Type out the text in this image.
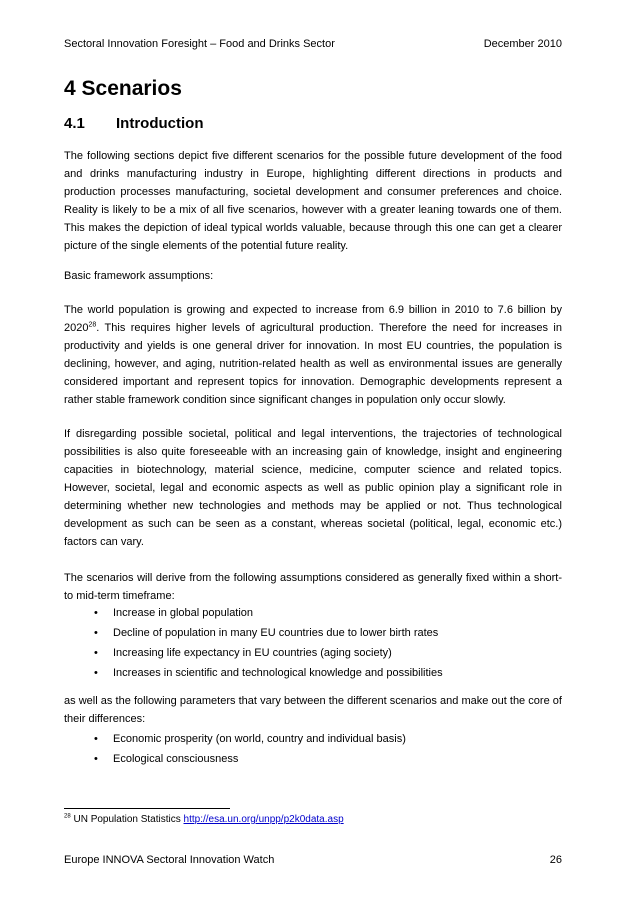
Sectoral Innovation Foresight – Food and Drinks Sector	December 2010
4 Scenarios
4.1	Introduction

The following sections depict five different scenarios for the possible future development of the food and drinks manufacturing industry in Europe, highlighting different directions in products and production processes manufacturing, societal development and consumer preferences and choice. Reality is likely to be a mix of all five scenarios, however with a greater leaning towards one of them. This makes the depiction of ideal typical worlds valuable, because through this one can get a clearer picture of the single elements of the potential future reality.

Basic framework assumptions:

The world population is growing and expected to increase from 6.9 billion in 2010 to 7.6 billion by 2020$^{28}$. This requires higher levels of agricultural production. Therefore the need for increases in productivity and yields is one general driver for innovation. In most EU countries, the population is declining, however, and aging, nutrition-related health as well as environmental issues are generally considered important and represent topics for innovation. Demographic developments represent a rather stable framework condition since significant changes in population only occur slowly.

If disregarding possible societal, political and legal interventions, the trajectories of technological possibilities is also quite foreseeable with an increasing gain of knowledge, insight and engineering capacities in biotechnology, material science, medicine, computer science and related topics. However, societal, legal and economic aspects as well as public opinion play a significant role in determining whether new technologies and methods may be applied or not. Thus technological development as such can be seen as a constant, whereas societal (political, legal, economic etc.) factors can vary.

The scenarios will derive from the following assumptions considered as generally fixed within a short-to mid-term timeframe:

• Increase in global population
• Decline of population in many EU countries due to lower birth rates
• Increasing life expectancy in EU countries (aging society)
• Increases in scientific and technological knowledge and possibilities

as well as the following parameters that vary between the different scenarios and make out the core of their differences:

• Economic prosperity (on world, country and individual basis)
• Ecological consciousness
$^{28}$ UN Population Statistics http://esa.un.org/unpp/p2k0data.asp
Europe INNOVA Sectoral Innovation Watch	26
